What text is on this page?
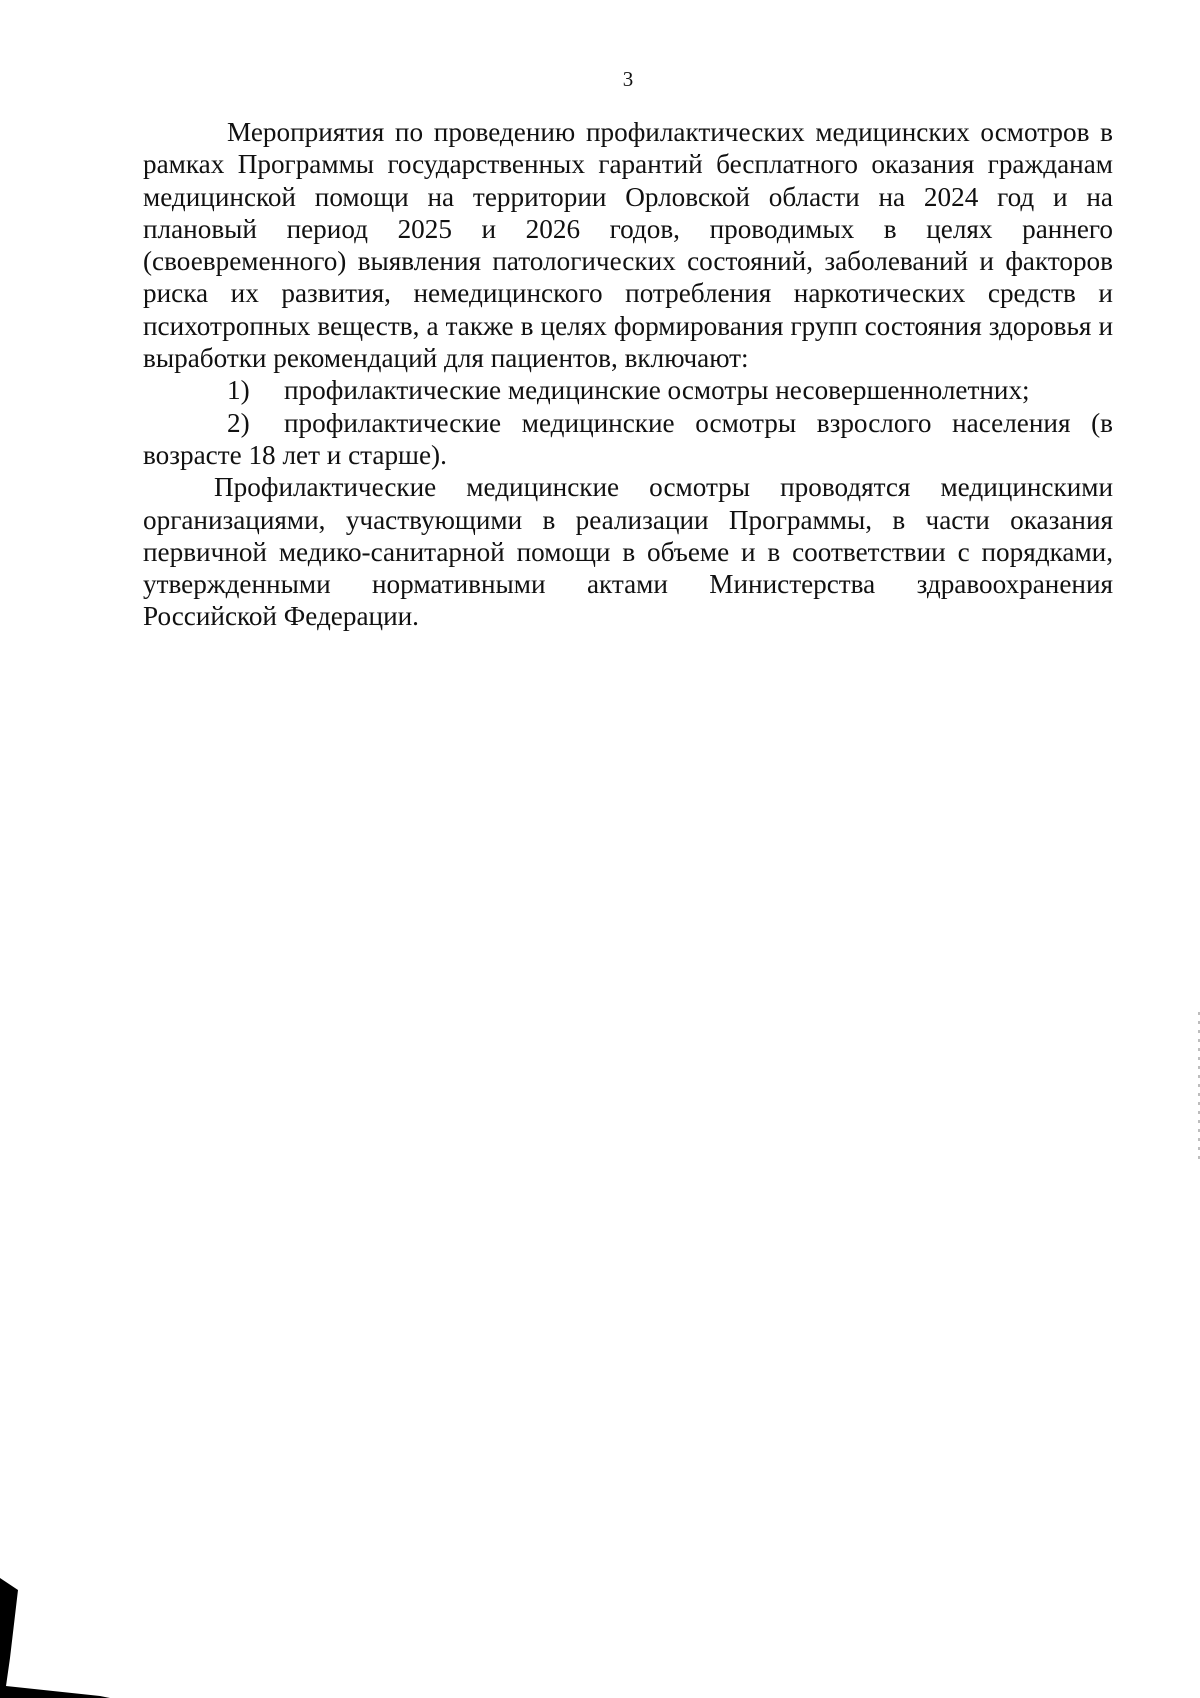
3

Мероприятия по проведению профилактических медицинских осмотров в рамках Программы государственных гарантий бесплатного оказания гражданам медицинской помощи на территории Орловской области на 2024 год и на плановый период 2025 и 2026 годов, проводимых в целях раннего (своевременного) выявления патологических состояний, заболеваний и факторов риска их развития, немедицинского потребления наркотических средств и психотропных веществ, а также в целях формирования групп состояния здоровья и выработки рекомендаций для пациентов, включают:

1) профилактические медицинские осмотры несовершеннолетних;

2) профилактические медицинские осмотры взрослого населения (в возрасте 18 лет и старше).

Профилактические медицинские осмотры проводятся медицинскими организациями, участвующими в реализации Программы, в части оказания первичной медико-санитарной помощи в объеме и в соответствии с порядками, утвержденными нормативными актами Министерства здравоохранения Российской Федерации.
